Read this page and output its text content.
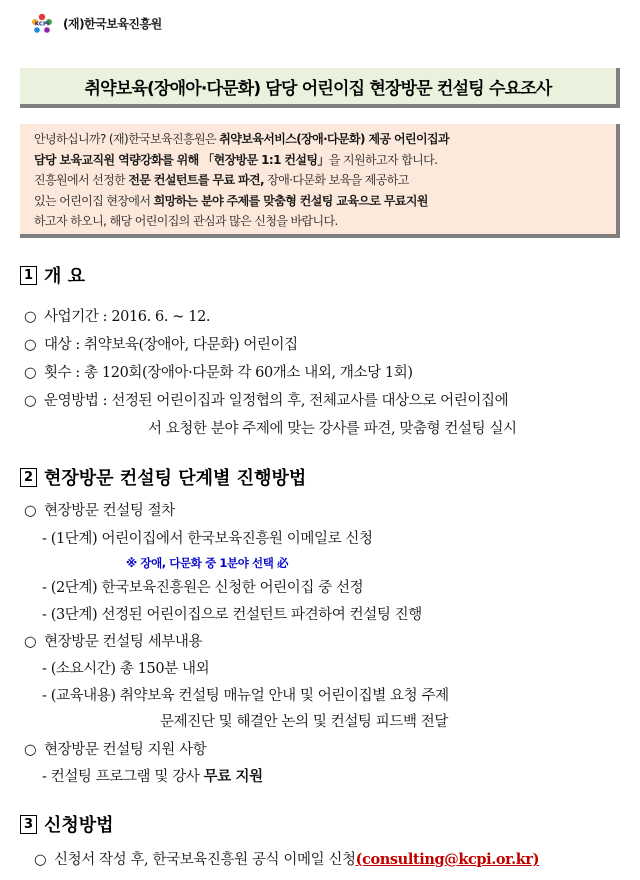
KCPI (재)한국보육진흥원
취약보육(장애아·다문화) 담당 어린이집 현장방문 컨설팅 수요조사
안녕하십니까? (재)한국보육진흥원은 취약보육서비스(장애·다문화) 제공 어린이집과
담당 보육교직원 역량강화를 위해 「현장방문 1:1 컨설팅」을 지원하고자 합니다.
진흥원에서 선정한 전문 컨설턴트를 무료 파견, 장애·다문화 보육을 제공하고
있는 어린이집 현장에서 희망하는 분야 주제를 맞춤형 컨설팅 교육으로 무료지원
하고자 하오니, 해당 어린이집의 관심과 많은 신청을 바랍니다.
1 개 요
○ 사업기간 : 2016. 6. ~ 12.
○ 대상 : 취약보육(장애아, 다문화) 어린이집
○ 횟수 : 총 120회(장애아·다문화 각 60개소 내외, 개소당 1회)
○ 운영방법 : 선정된 어린이집과 일정협의 후, 전체교사를 대상으로 어린이집에
서 요청한 분야 주제에 맞는 강사를 파견, 맞춤형 컨설팅 실시
2 현장방문 컨설팅 단계별 진행방법
○ 현장방문 컨설팅 절차
- (1단계) 어린이집에서 한국보육진흥원 이메일로 신청
※ 장애, 다문화 중 1분야 선택 必
- (2단계) 한국보육진흥원은 신청한 어린이집 중 선정
- (3단계) 선정된 어린이집으로 컨설턴트 파견하여 컨설팅 진행
○ 현장방문 컨설팅 세부내용
- (소요시간) 총 150분 내외
- (교육내용) 취약보육 컨설팅 매뉴얼 안내 및 어린이집별 요청 주제
문제진단 및 해결안 논의 및 컨설팅 피드백 전달
○ 현장방문 컨설팅 지원 사항
- 컨설팅 프로그램 및 강사 무료 지원
3 신청방법
○ 신청서 작성 후, 한국보육진흥원 공식 이메일 신청(consulting@kcpi.or.kr)
